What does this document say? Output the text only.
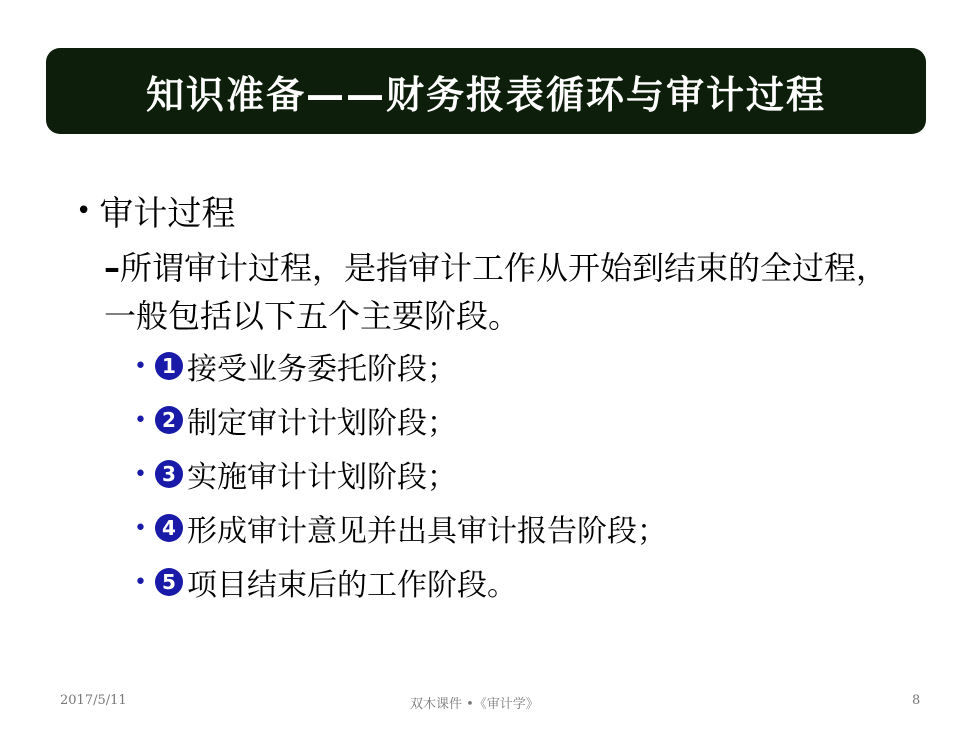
知识准备——财务报表循环与审计过程
• 审计过程
–所谓审计过程，是指审计工作从开始到结束的全过程，一般包括以下五个主要阶段。
• 1 接受业务委托阶段；
• 2 制定审计计划阶段；
• 3 实施审计计划阶段；
• 4 形成审计意见并出具审计报告阶段；
• 5 项目结束后的工作阶段。
2017/5/11	双木课件 •《审计学》	8
